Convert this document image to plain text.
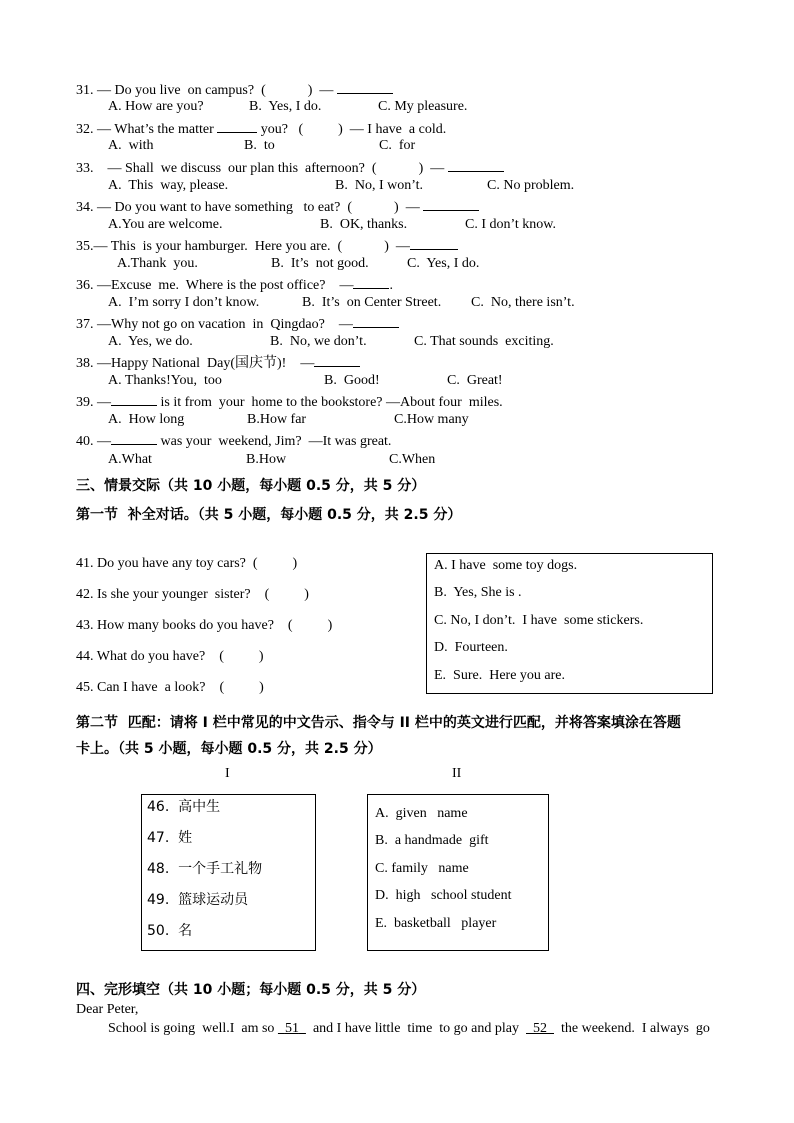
31. — Do you live  on campus?  (            )  —
A. How are you?	B.  Yes, I do.	C. My pleasure.
32. — What’s the matter	you?   (          )  — I have  a cold.
A.  with	B.  to	C.  for
33.    — Shall  we discuss  our plan this  afternoon?  (            )  —
A.  This  way, please.	B.  No, I won’t.	C. No problem.
34. — Do you want to have something   to eat?  (            )  —
A.You are welcome.	B.  OK, thanks.	C. I don’t know.
35.— This  is your hamburger.  Here you are.  (            )  —
A.Thank  you.	B.  It’s  not good.	C.  Yes, I do.
36. —Excuse  me.  Where is the post office?    —	.
A.  I’m sorry I don’t know.	B.  It’s  on Center Street. C.  No, there isn’t.
37. —Why not go on vacation  in  Qingdao?    —
A.  Yes, we do.	B.  No, we don’t.	C. That sounds  exciting.
38. —Happy National  Day(国庆节)!    —
A. Thanks!You,  too	B.  Good!	C.  Great!
39. —	is it from  your  home to the bookstore? —About four  miles.
A.  How long	B.How far	C.How many
40. —	was your  weekend, Jim?  —It was great.
A.What	B.How	C.When
三、情景交际（共 10 小题，每小题 0.5 分，共 5 分）
第一节  补全对话。（共 5 小题，每小题 0.5 分，共 2.5 分）
41. Do you have any toy cars?  (          )
42. Is she your younger  sister?    (          )
43. How many books do you have?    (          )
44. What do you have?    (          )
45. Can I have  a look?    (          )
A. I have  some toy dogs.
B.  Yes, She is .
C. No, I don’t.  I have  some stickers.
D.  Fourteen.
E.  Sure.  Here you are.
第二节  匹配：请将 I 栏中常见的中文告示、指令与 II 栏中的英文进行匹配，并将答案填涂在答题
卡上。（共 5 小题，每小题 0.5 分，共 2.5 分）
I	II
46.  高中生
47.  姓
48.  一个手工礼物
49.  篮球运动员
50.  名
A.  given   name
B.  a handmade  gift
C. family   name
D.  high   school student
E.  basketball   player
四、完形填空（共 10 小题；每小题 0.5 分，共 5 分）
Dear Peter,
School is going  well.I  am so   51    and I have little  time  to go and play    52    the weekend.  I always  go
